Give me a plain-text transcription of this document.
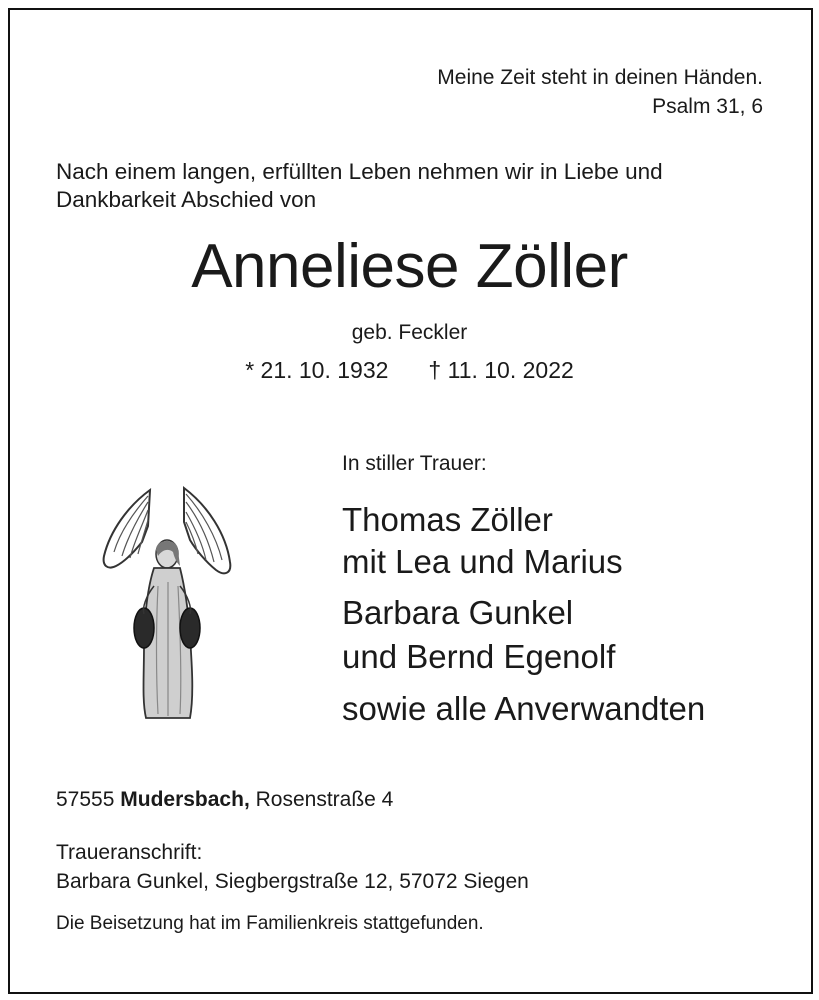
Meine Zeit steht in deinen Händen.
Psalm 31, 6
Nach einem langen, erfüllten Leben nehmen wir in Liebe und
Dankbarkeit Abschied von
Anneliese Zöller
geb. Feckler
* 21. 10. 1932 † 11. 10. 2022
In stiller Trauer:
Thomas Zöller
mit Lea und Marius
Barbara Gunkel
und Bernd Egenolf
sowie alle Anverwandten
57555 Mudersbach, Rosenstraße 4
Traueranschrift:
Barbara Gunkel, Siegbergstraße 12, 57072 Siegen
Die Beisetzung hat im Familienkreis stattgefunden.
